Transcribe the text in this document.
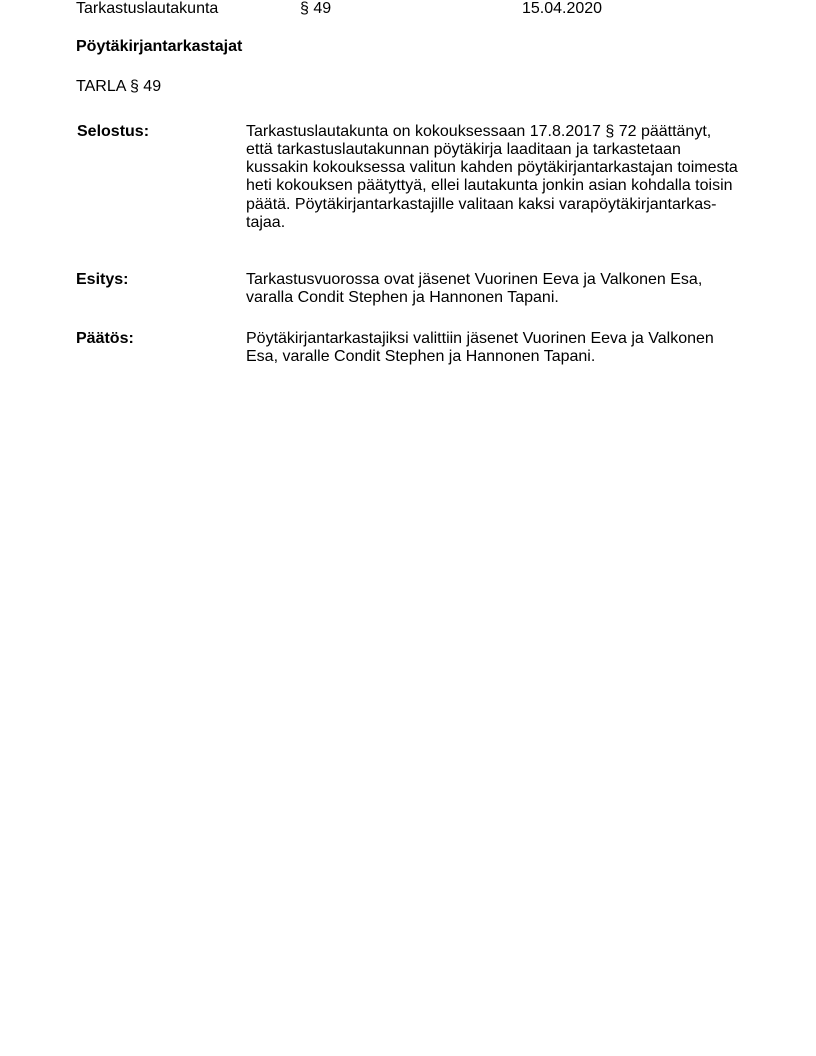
Tarkastuslautakunta	§ 49	15.04.2020
Pöytäkirjantarkastajat
TARLA § 49
Selostus:	Tarkastuslautakunta on kokouksessaan 17.8.2017 § 72 päättänyt,
että tarkastuslautakunnan pöytäkirja laaditaan ja tarkastetaan
kussakin kokouksessa valitun kahden pöytäkirjantarkastajan toimesta
heti kokouksen päätyttyä, ellei lautakunta jonkin asian kohdalla toisin
päätä. Pöytäkirjantarkastajille valitaan kaksi varapöytäkirjantarkas-
tajaa.
Esitys:	Tarkastusvuorossa ovat jäsenet Vuorinen Eeva ja Valkonen Esa,
varalla Condit Stephen ja Hannonen Tapani.
Päätös:	Pöytäkirjantarkastajiksi valittiin jäsenet Vuorinen Eeva ja Valkonen
Esa, varalle Condit Stephen ja Hannonen Tapani.
